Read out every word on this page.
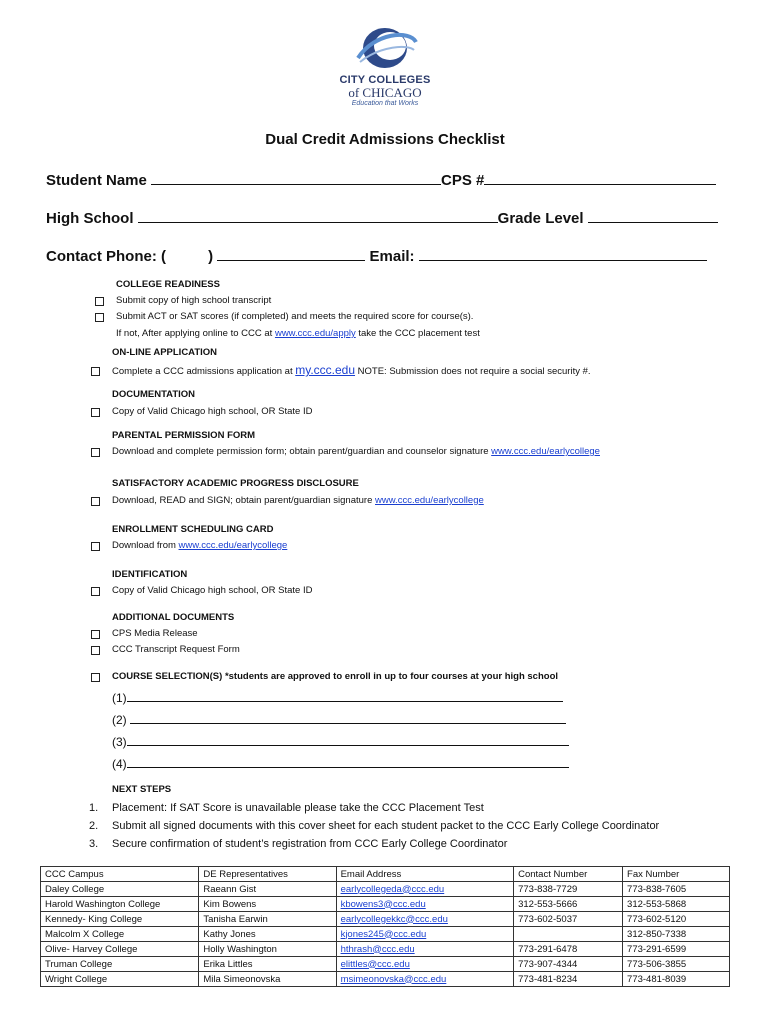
CITY COLLEGES
of CHICAGO
Education that Works
Dual Credit Admissions Checklist
Student Name	CPS #
High School	Grade Level
Contact Phone: (	)	Email:
COLLEGE READINESS
Submit copy of high school transcript
Submit ACT or SAT scores (if completed) and meets the required score for course(s).
If not, After applying online to CCC at www.ccc.edu/apply take the CCC placement test
ON-LINE APPLICATION
Complete a CCC admissions application at my.ccc.edu NOTE: Submission does not require a social security #.
DOCUMENTATION
Copy of Valid Chicago high school, OR State ID
PARENTAL PERMISSION FORM
Download and complete permission form; obtain parent/guardian and counselor signature www.ccc.edu/earlycollege
SATISFACTORY ACADEMIC PROGRESS DISCLOSURE
Download, READ and SIGN; obtain parent/guardian signature www.ccc.edu/earlycollege
ENROLLMENT SCHEDULING CARD
Download from www.ccc.edu/earlycollege
IDENTIFICATION
Copy of Valid Chicago high school, OR State ID
ADDITIONAL DOCUMENTS
CPS Media Release
CCC Transcript Request Form
COURSE SELECTION(S) *students are approved to enroll in up to four courses at your high school
(1)
(2)
(3)
(4)
NEXT STEPS
1. Placement: If SAT Score is unavailable please take the CCC Placement Test
2. Submit all signed documents with this cover sheet for each student packet to the CCC Early College Coordinator
3. Secure confirmation of student’s registration from CCC Early College Coordinator
CCC Campus	DE Representatives	Email Address	Contact Number	Fax Number
Daley College	Raeann Gist	earlycollegeda@ccc.edu	773-838-7729	773-838-7605
Harold Washington College	Kim Bowens	kbowens3@ccc.edu	312-553-5666	312-553-5868
Kennedy- King College	Tanisha Earwin	earlycollegekkc@ccc.edu	773-602-5037	773-602-5120
Malcolm X College	Kathy Jones	kjones245@ccc.edu		312-850-7338
Olive- Harvey College	Holly Washington	hthrash@ccc.edu	773-291-6478	773-291-6599
Truman College	Erika Littles	elittles@ccc.edu	773-907-4344	773-506-3855
Wright College	Mila Simeonovska	msimeonovska@ccc.edu	773-481-8234	773-481-8039
